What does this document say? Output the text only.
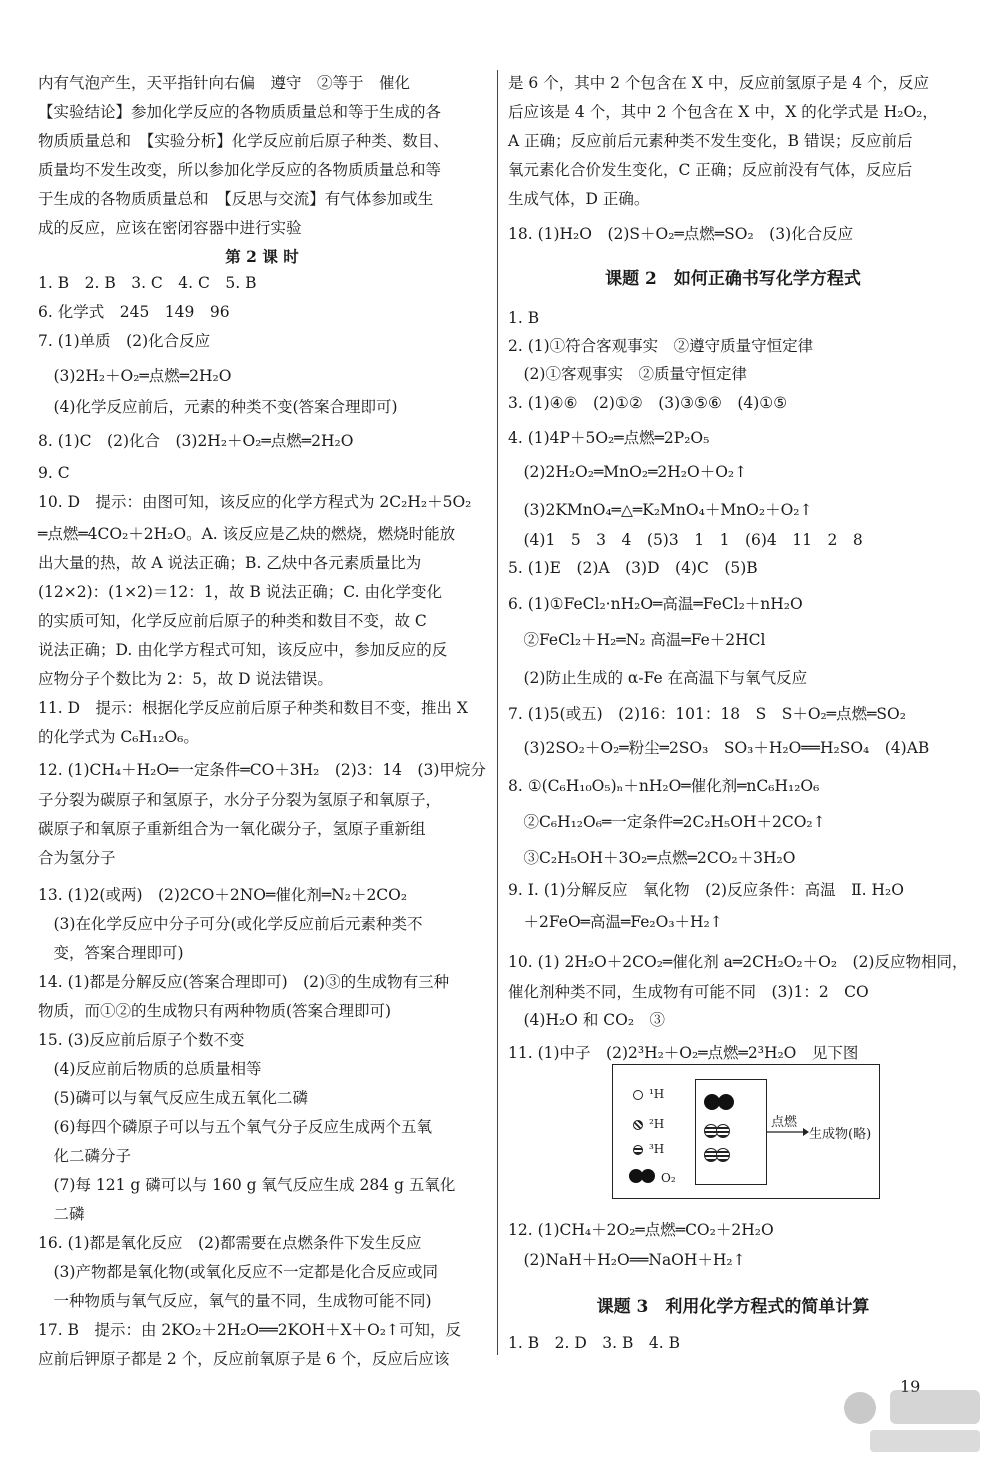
内有气泡产生，天平指针向右偏　遵守　②等于　催化
【实验结论】参加化学反应的各物质质量总和等于生成的各
物质质量总和　【实验分析】化学反应前后原子种类、数目、
质量均不发生改变，所以参加化学反应的各物质质量总和等
于生成的各物质质量总和　【反思与交流】有气体参加或生
成的反应，应该在密闭容器中进行实验
第 2 课 时
1. B　2. B　3. C　4. C　5. B
6. 化学式　245　149　96
7. (1)单质　(2)化合反应
　(3)2H₂＋O₂═点燃═2H₂O
　(4)化学反应前后，元素的种类不变(答案合理即可)
8. (1)C　(2)化合　(3)2H₂＋O₂═点燃═2H₂O
9. C
10. D　提示：由图可知，该反应的化学方程式为 2C₂H₂＋5O₂
═点燃═4CO₂＋2H₂O。A. 该反应是乙炔的燃烧，燃烧时能放
出大量的热，故 A 说法正确；B. 乙炔中各元素质量比为
(12×2)：(1×2)＝12：1，故 B 说法正确；C. 由化学变化
的实质可知，化学反应前后原子的种类和数目不变，故 C
说法正确；D. 由化学方程式可知，该反应中，参加反应的反
应物分子个数比为 2：5，故 D 说法错误。
11. D　提示：根据化学反应前后原子种类和数目不变，推出 X
的化学式为 C₆H₁₂O₆。
12. (1)CH₄＋H₂O═一定条件═CO＋3H₂　(2)3：14　(3)甲烷分
子分裂为碳原子和氢原子，水分子分裂为氢原子和氧原子，
碳原子和氧原子重新组合为一氧化碳分子，氢原子重新组
合为氢分子
13. (1)2(或两)　(2)2CO＋2NO═催化剂═N₂＋2CO₂
　(3)在化学反应中分子可分(或化学反应前后元素种类不
　变，答案合理即可)
14. (1)都是分解反应(答案合理即可)　(2)③的生成物有三种
物质，而①②的生成物只有两种物质(答案合理即可)
15. (3)反应前后原子个数不变
　(4)反应前后物质的总质量相等
　(5)磷可以与氧气反应生成五氧化二磷
　(6)每四个磷原子可以与五个氧气分子反应生成两个五氧
　化二磷分子
　(7)每 121 g 磷可以与 160 g 氧气反应生成 284 g 五氧化
　二磷
16. (1)都是氧化反应　(2)都需要在点燃条件下发生反应
　(3)产物都是氧化物(或氧化反应不一定都是化合反应或同
　一种物质与氧气反应，氧气的量不同，生成物可能不同)
17. B　提示：由 2KO₂＋2H₂O══2KOH＋X＋O₂↑可知，反
应前后钾原子都是 2 个，反应前氧原子是 6 个，反应后应该
是 6 个，其中 2 个包含在 X 中，反应前氢原子是 4 个，反应
后应该是 4 个，其中 2 个包含在 X 中，X 的化学式是 H₂O₂，
A 正确；反应前后元素种类不发生变化，B 错误；反应前后
氧元素化合价发生变化，C 正确；反应前没有气体，反应后
生成气体，D 正确。
18. (1)H₂O　(2)S＋O₂═点燃═SO₂　(3)化合反应
课题 2　如何正确书写化学方程式
1. B
2. (1)①符合客观事实　②遵守质量守恒定律
　(2)①客观事实　②质量守恒定律
3. (1)④⑥　(2)①②　(3)③⑤⑥　(4)①⑤
4. (1)4P＋5O₂═点燃═2P₂O₅
　(2)2H₂O₂═MnO₂═2H₂O＋O₂↑
　(3)2KMnO₄═△═K₂MnO₄＋MnO₂＋O₂↑
　(4)1　5　3　4　(5)3　1　1　(6)4　11　2　8
5. (1)E　(2)A　(3)D　(4)C　(5)B
6. (1)①FeCl₂·nH₂O═高温═FeCl₂＋nH₂O
　②FeCl₂＋H₂═N₂ 高温═Fe＋2HCl
　(2)防止生成的 α-Fe 在高温下与氧气反应
7. (1)5(或五)　(2)16：101：18　S　S＋O₂═点燃═SO₂
　(3)2SO₂＋O₂═粉尘═2SO₃　SO₃＋H₂O══H₂SO₄　(4)AB
8. ①(C₆H₁₀O₅)ₙ＋nH₂O═催化剂═nC₆H₁₂O₆
　②C₆H₁₂O₆═一定条件═2C₂H₅OH＋2CO₂↑
　③C₂H₅OH＋3O₂═点燃═2CO₂＋3H₂O
9. Ⅰ. (1)分解反应　氧化物　(2)反应条件：高温　Ⅱ. H₂O
　＋2FeO═高温═Fe₂O₃＋H₂↑
10. (1) 2H₂O＋2CO₂═催化剂 a═2CH₂O₂＋O₂　(2)反应物相同，
催化剂种类不同，生成物有可能不同　(3)1：2　CO
　(4)H₂O 和 CO₂　③
11. (1)中子　(2)2³H₂＋O₂═点燃═2³H₂O　见下图
12. (1)CH₄＋2O₂═点燃═CO₂＋2H₂O
　(2)NaH＋H₂O══NaOH＋H₂↑
课题 3　利用化学方程式的简单计算
1. B　2. D　3. B　4. B
¹H
²H
³H
O₂
点燃
→ 生成物(略)
19
